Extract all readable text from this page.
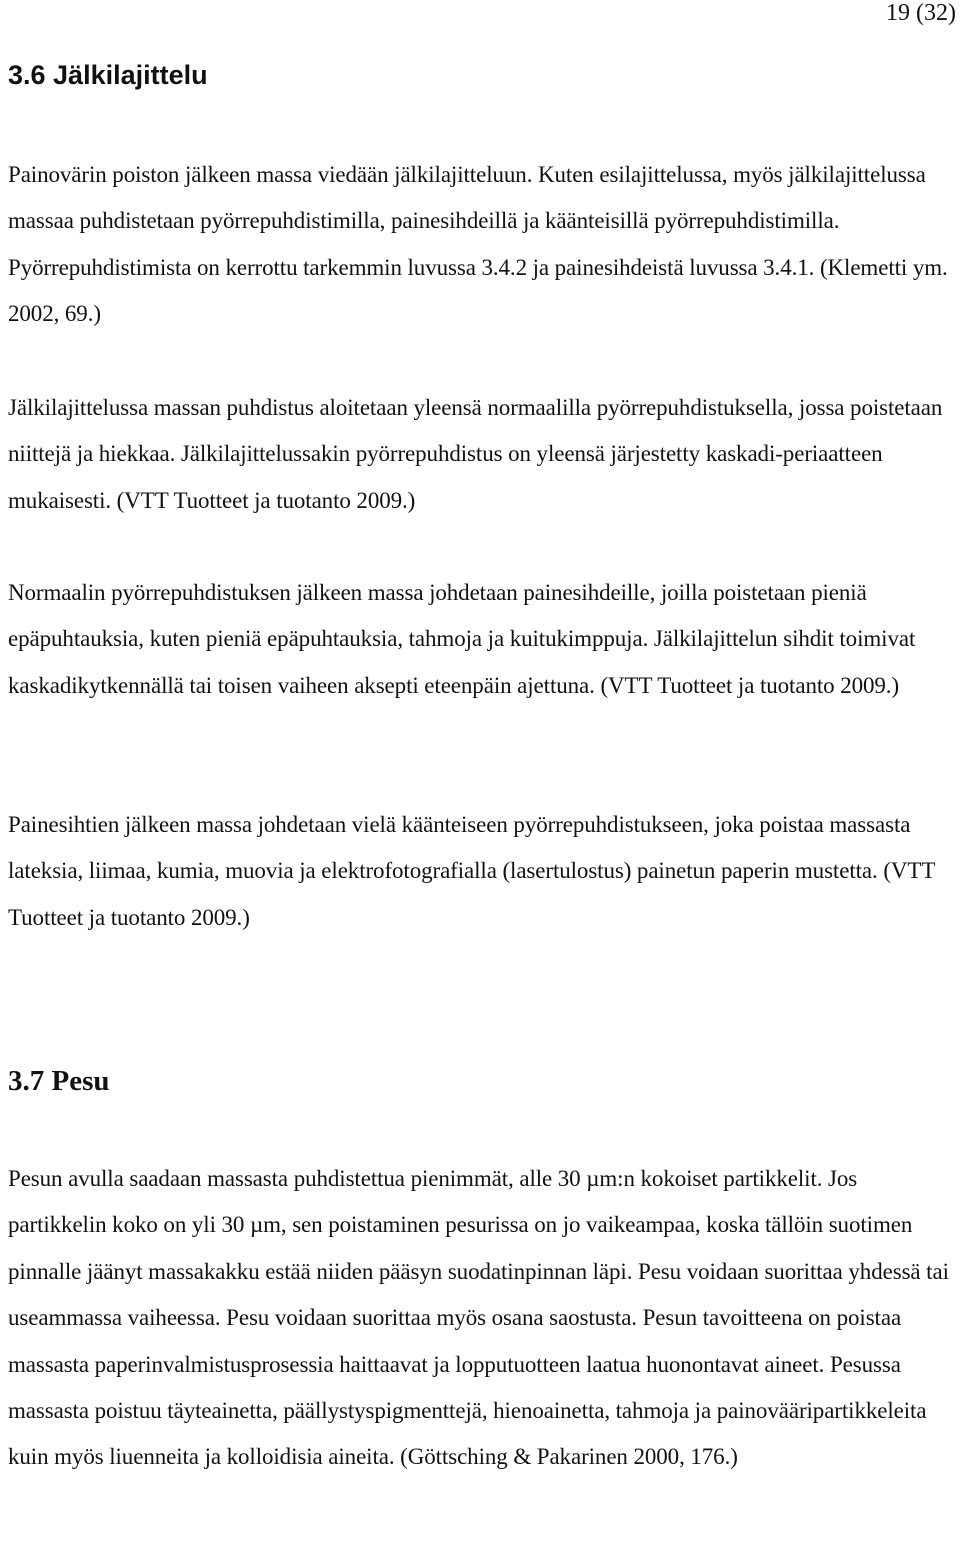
19 (32)
3.6 Jälkilajittelu

Painovärin poiston jälkeen massa viedään jälkilajitteluun. Kuten esilajittelussa, myös jälkilajittelussa massaa puhdistetaan pyörrepuhdistimilla, painesihdeillä ja käänteisillä pyörrepuhdistimilla. Pyörrepuhdistimista on kerrottu tarkemmin luvussa 3.4.2 ja painesihdeistä luvussa 3.4.1. (Klemetti ym. 2002, 69.)

Jälkilajittelussa massan puhdistus aloitetaan yleensä normaalilla pyörrepuhdistuksella, jossa poistetaan niittejä ja hiekkaa. Jälkilajittelussakin pyörrepuhdistus on yleensä järjestetty kaskadi-periaatteen mukaisesti. (VTT Tuotteet ja tuotanto 2009.)

Normaalin pyörrepuhdistuksen jälkeen massa johdetaan painesihdeille, joilla poistetaan pieniä epäpuhtauksia, kuten pieniä epäpuhtauksia, tahmoja ja kuitukimppuja. Jälkilajittelun sihdit toimivat kaskadikytkennällä tai toisen vaiheen aksepti eteenpäin ajettuna. (VTT Tuotteet ja tuotanto 2009.)

Painesihtien jälkeen massa johdetaan vielä käänteiseen pyörrepuhdistukseen, joka poistaa massasta lateksia, liimaa, kumia, muovia ja elektrofotografialla (lasertulostus) painetun paperin mustetta. (VTT Tuotteet ja tuotanto 2009.)

3.7 Pesu

Pesun avulla saadaan massasta puhdistettua pienimmät, alle 30 µm:n kokoiset partikkelit. Jos partikkelin koko on yli 30 µm, sen poistaminen pesurissa on jo vaikeampaa, koska tällöin suotimen pinnalle jäänyt massakakku estää niiden pääsyn suodatinpinnan läpi. Pesu voidaan suorittaa yhdessä tai useammassa vaiheessa. Pesu voidaan suorittaa myös osana saostusta. Pesun tavoitteena on poistaa massasta paperinvalmistusprosessia haittaavat ja lopputuotteen laatua huonontavat aineet. Pesussa massasta poistuu täyteainetta, päällystyspigmenttejä, hienoainetta, tahmoja ja painovääripartikkeleita kuin myös liuenneita ja kolloidisia aineita. (Göttsching & Pakarinen 2000, 176.)
